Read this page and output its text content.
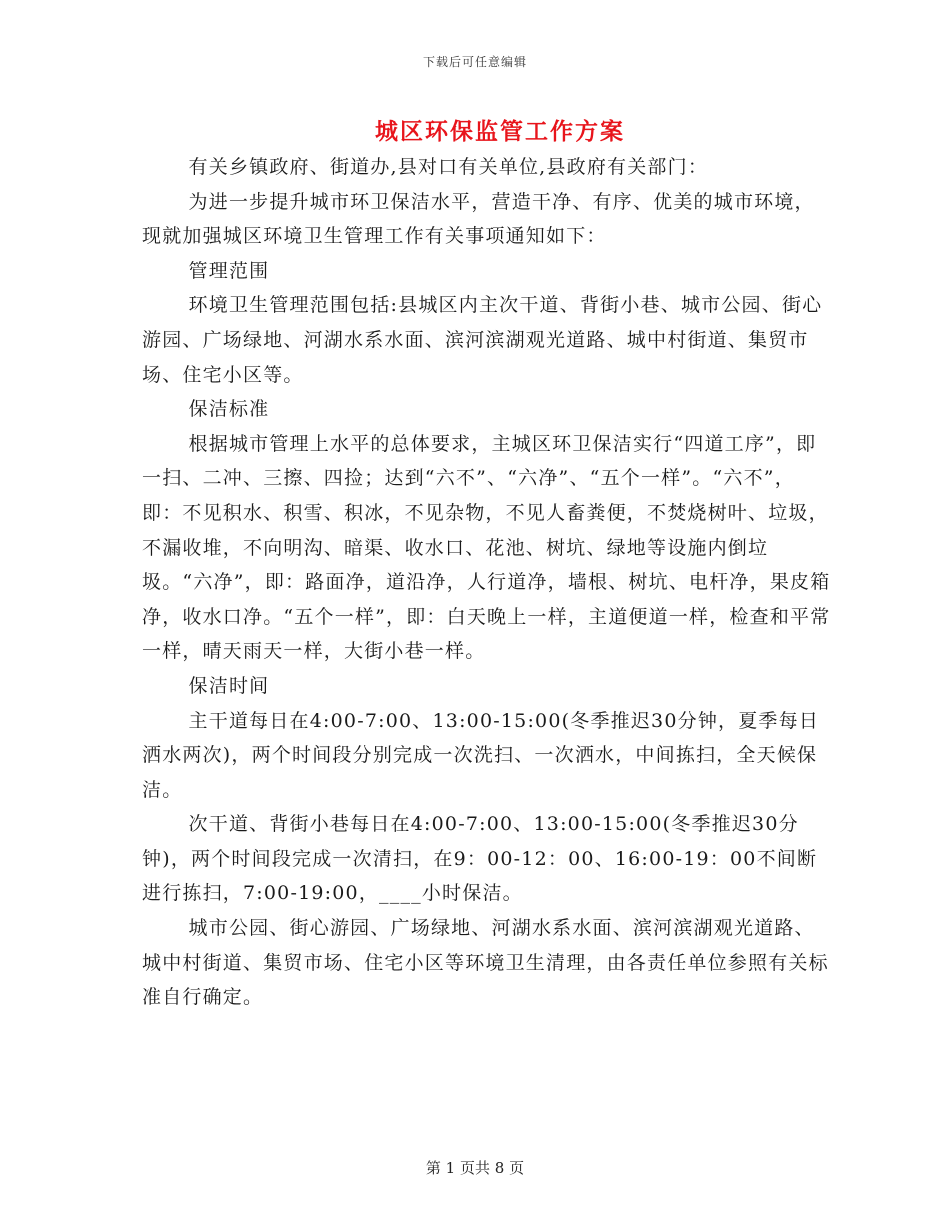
下载后可任意编辑
城区环保监管工作方案

有关乡镇政府、街道办,县对口有关单位,县政府有关部门：

为进一步提升城市环卫保洁水平，营造干净、有序、优美的城市环境，现就加强城区环境卫生管理工作有关事项通知如下：

管理范围

环境卫生管理范围包括:县城区内主次干道、背街小巷、城市公园、街心游园、广场绿地、河湖水系水面、滨河滨湖观光道路、城中村街道、集贸市场、住宅小区等。

保洁标准

根据城市管理上水平的总体要求，主城区环卫保洁实行“四道工序”，即一扫、二冲、三擦、四捡；达到“六不”、“六净”、“五个一样”。“六不”，即：不见积水、积雪、积冰，不见杂物，不见人畜粪便，不焚烧树叶、垃圾，不漏收堆，不向明沟、暗渠、收水口、花池、树坑、绿地等设施内倒垃圾。“六净”，即：路面净，道沿净，人行道净，墙根、树坑、电杆净，果皮箱净，收水口净。“五个一样”，即：白天晚上一样，主道便道一样，检查和平常一样，晴天雨天一样，大街小巷一样。

保洁时间

主干道每日在4:00-7:00、13:00-15:00(冬季推迟30分钟，夏季每日洒水两次)，两个时间段分别完成一次洗扫、一次洒水，中间拣扫，全天候保洁。

次干道、背街小巷每日在4:00-7:00、13:00-15:00(冬季推迟30分钟)，两个时间段完成一次清扫，在9：00-12：00、16:00-19：00不间断进行拣扫，7:00-19:00，____小时保洁。

城市公园、街心游园、广场绿地、河湖水系水面、滨河滨湖观光道路、城中村街道、集贸市场、住宅小区等环境卫生清理，由各责任单位参照有关标准自行确定。

第 1 页共 8 页
